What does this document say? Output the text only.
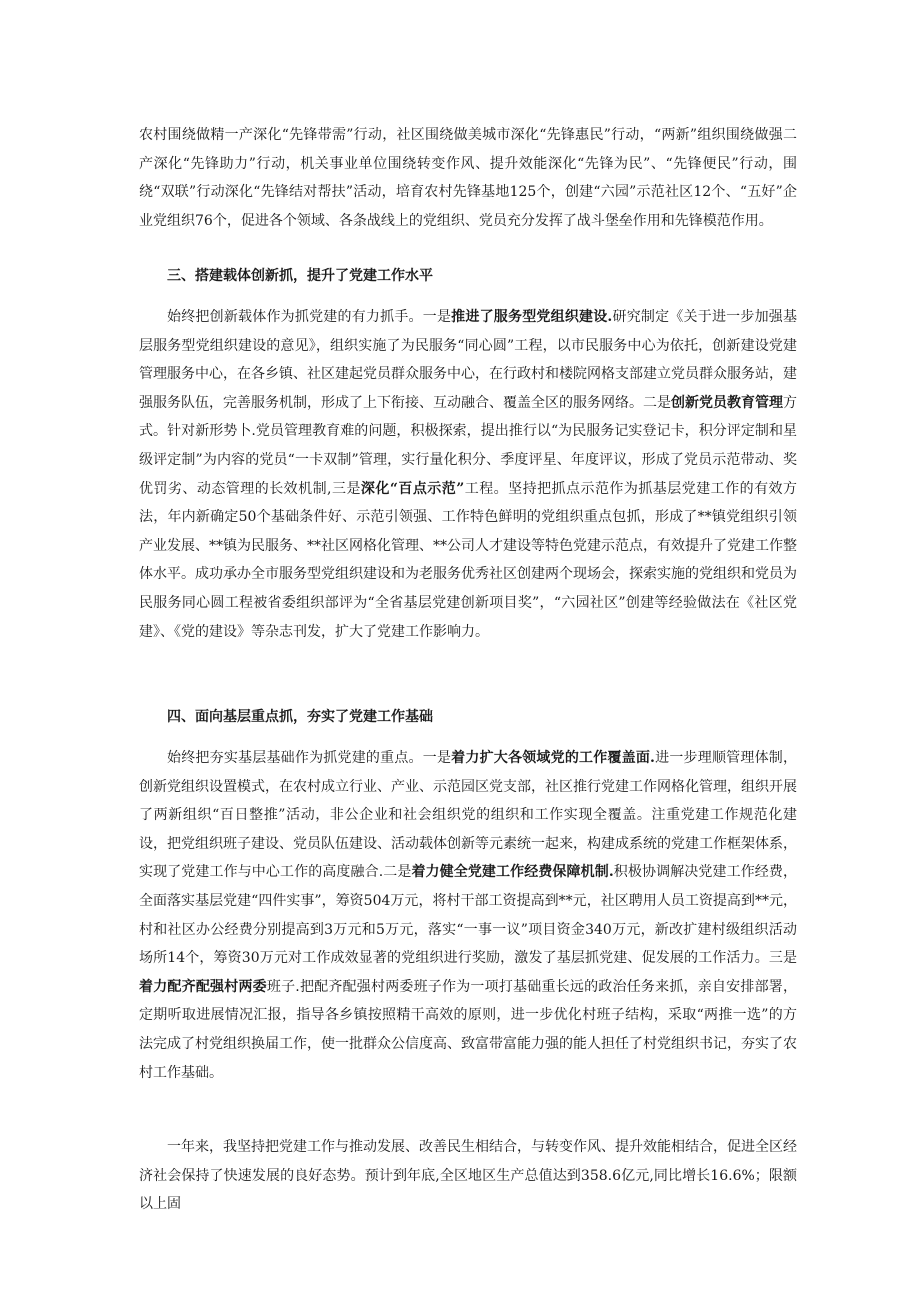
农村围绕做精一产深化“先锋带需”行动，社区围绕做美城市深化“先锋惠民”行动，“两新”组织围绕做强二产深化“先锋助力”行动，机关事业单位围绕转变作风、提升效能深化“先锋为民”、“先锋便民”行动，围绕“双联”行动深化“先锋结对帮扶”活动，培育农村先锋基地125个，创建“六园”示范社区12个、“五好”企业党组织76个，促进各个领域、各条战线上的党组织、党员充分发挥了战斗堡垒作用和先锋模范作用。

三、搭建载体创新抓，提升了党建工作水平

始终把创新载体作为抓党建的有力抓手。一是推进了服务型党组织建设.研究制定《关于进一步加强基层服务型党组织建设的意见》，组织实施了为民服务“同心圆”工程，以市民服务中心为依托，创新建设党建管理服务中心，在各乡镇、社区建起党员群众服务中心，在行政村和楼院网格支部建立党员群众服务站，建强服务队伍，完善服务机制，形成了上下衔接、互动融合、覆盖全区的服务网络。二是创新党员教育管理方式。针对新形势卜.党员管理教育难的问题，积极探索，提出推行以“为民服务记实登记卡，积分评定制和星级评定制”为内容的党员“一卡双制”管理，实行量化积分、季度评星、年度评议，形成了党员示范带动、奖优罚劣、动态管理的长效机制,三是深化“百点示范”工程。坚持把抓点示范作为抓基层党建工作的有效方法，年内新确定50个基础条件好、示范引领强、工作特色鲜明的党组织重点包抓，形成了**镇党组织引领产业发展、**镇为民服务、**社区网格化管理、**公司人才建设等特色党建示范点，有效提升了党建工作整体水平。成功承办全市服务型党组织建设和为老服务优秀社区创建两个现场会，探索实施的党组织和党员为民服务同心圆工程被省委组织部评为“全省基层党建创新项目奖”，“六园社区”创建等经验做法在《社区党建》、《党的建设》等杂志刊发，扩大了党建工作影响力。

四、面向基层重点抓，夯实了党建工作基础

始终把夯实基层基础作为抓党建的重点。一是着力扩大各领域党的工作覆盖面.进一步理顺管理体制，创新党组织设置模式，在农村成立行业、产业、示范园区党支部，社区推行党建工作网格化管理，组织开展了两新组织“百日整推”活动，非公企业和社会组织党的组织和工作实现全覆盖。注重党建工作规范化建设，把党组织班子建设、党员队伍建设、活动载体创新等元素统一起来，构建成系统的党建工作框架体系，实现了党建工作与中心工作的高度融合.二是着力健全党建工作经费保障机制.积极协调解决党建工作经费，全面落实基层党建“四件实事”，筹资504万元，将村干部工资提高到**元，社区聘用人员工资提高到**元，村和社区办公经费分别提高到3万元和5万元，落实“一事一议”项目资金340万元，新改扩建村级组织活动场所14个，筹资30万元对工作成效显著的党组织进行奖励，激发了基层抓党建、促发展的工作活力。三是着力配齐配强村两委班子.把配齐配强村两委班子作为一项打基础重长远的政治任务来抓，亲自安排部署，定期听取进展情况汇报，指导各乡镇按照精干高效的原则，进一步优化村班子结构，采取“两推一选”的方法完成了村党组织换届工作，使一批群众公信度高、致富带富能力强的能人担任了村党组织书记，夯实了农村工作基础。

一年来，我坚持把党建工作与推动发展、改善民生相结合，与转变作风、提升效能相结合，促进全区经济社会保持了快速发展的良好态势。预计到年底,全区地区生产总值达到358.6亿元,同比增长16.6%；限额以上固
